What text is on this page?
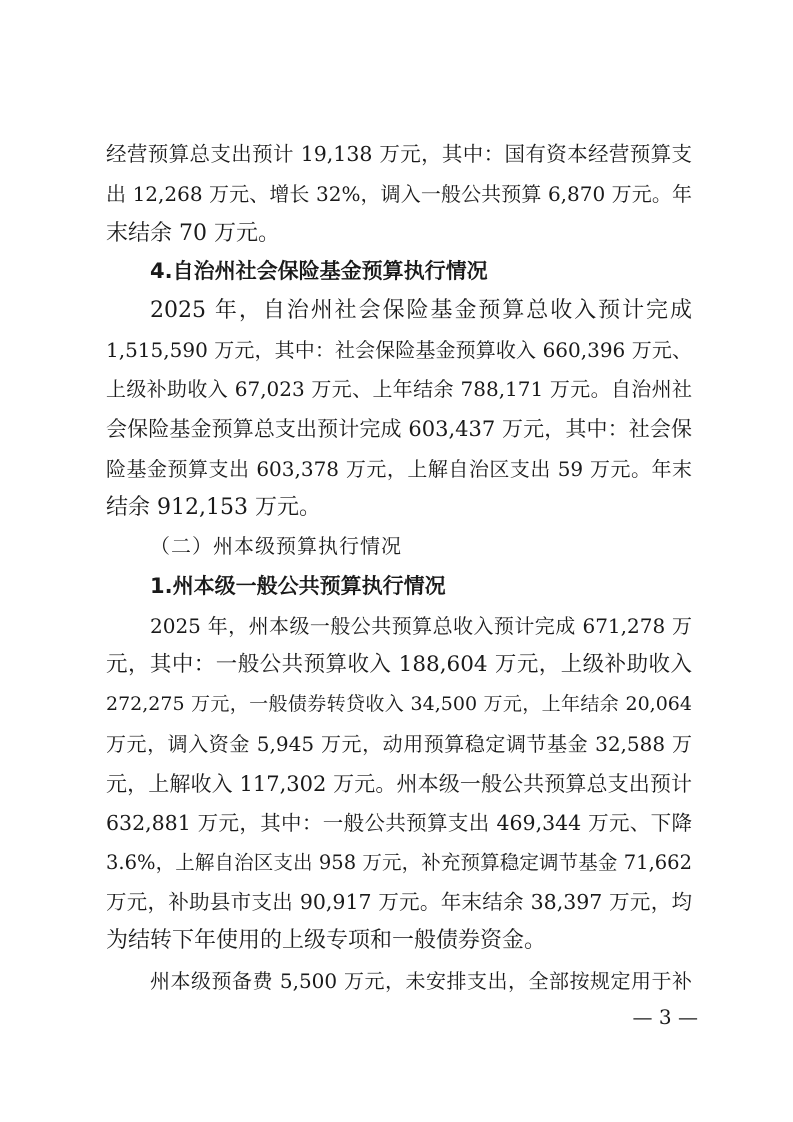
经营预算总支出预计 19,138 万元，其中：国有资本经营预算支
出 12,268 万元、增长 32%，调入一般公共预算 6,870 万元。年
末结余 70 万元。
4.自治州社会保险基金预算执行情况
2025 年，自治州社会保险基金预算总收入预计完成
1,515,590 万元，其中：社会保险基金预算收入 660,396 万元、
上级补助收入 67,023 万元、上年结余 788,171 万元。自治州社
会保险基金预算总支出预计完成 603,437 万元，其中：社会保
险基金预算支出 603,378 万元，上解自治区支出 59 万元。年末
结余 912,153 万元。
（二）州本级预算执行情况
1.州本级一般公共预算执行情况
2025 年，州本级一般公共预算总收入预计完成 671,278 万
元，其中：一般公共预算收入 188,604 万元，上级补助收入
272,275 万元，一般债券转贷收入 34,500 万元，上年结余 20,064
万元，调入资金 5,945 万元，动用预算稳定调节基金 32,588 万
元，上解收入 117,302 万元。州本级一般公共预算总支出预计
632,881 万元，其中：一般公共预算支出 469,344 万元、下降
3.6%，上解自治区支出 958 万元，补充预算稳定调节基金 71,662
万元，补助县市支出 90,917 万元。年末结余 38,397 万元，均
为结转下年使用的上级专项和一般债券资金。
州本级预备费 5,500 万元，未安排支出，全部按规定用于补
— 3 —
